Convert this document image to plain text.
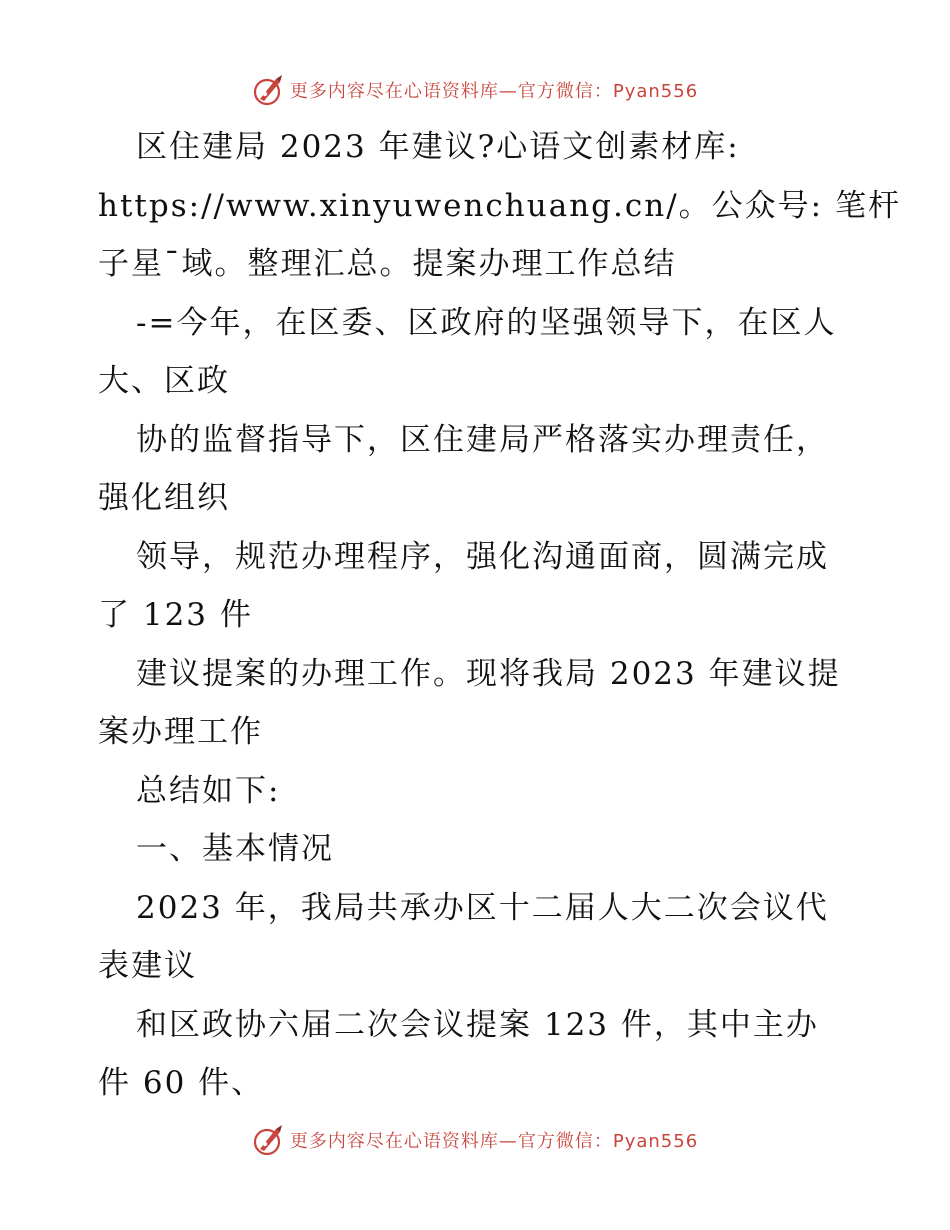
更多内容尽在心语资料库—官方微信：Pyan556
区住建局 2023 年建议?心语文创素材库:
https://www.xinyuwenchuang.cn/。公众号: 笔杆
子星¯域。整理汇总。提案办理工作总结
-=今年，在区委、区政府的坚强领导下，在区人
大、区政
协的监督指导下，区住建局严格落实办理责任，
强化组织
领导，规范办理程序，强化沟通面商，圆满完成
了 123 件
建议提案的办理工作。现将我局 2023 年建议提
案办理工作
总结如下:
一、基本情况
2023 年，我局共承办区十二届人大二次会议代
表建议
和区政协六届二次会议提案 123 件，其中主办
件 60 件、
更多内容尽在心语资料库—官方微信：Pyan556
